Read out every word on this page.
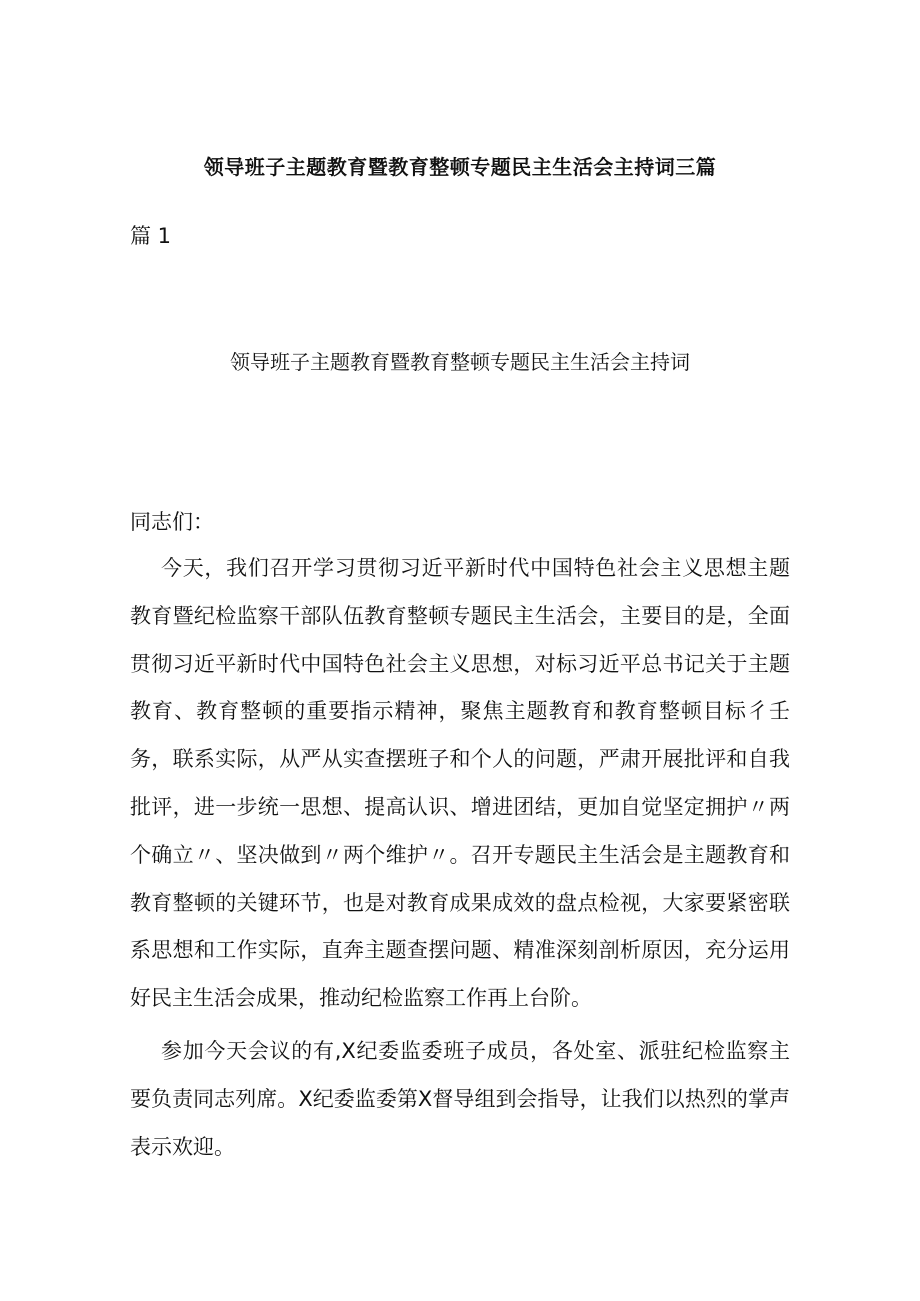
领导班子主题教育暨教育整顿专题民主生活会主持词三篇
篇 1
领导班子主题教育暨教育整顿专题民主生活会主持词
同志们：

今天，我们召开学习贯彻习近平新时代中国特色社会主义思想主题教育暨纪检监察干部队伍教育整顿专题民主生活会，主要目的是，全面贯彻习近平新时代中国特色社会主义思想，对标习近平总书记关于主题教育、教育整顿的重要指示精神，聚焦主题教育和教育整顿目标彳壬务，联系实际，从严从实查摆班子和个人的问题，严肃开展批评和自我批评，进一步统一思想、提高认识、增进团结，更加自觉坚定拥护〃两个确立〃、坚决做到〃两个维护〃。召开专题民主生活会是主题教育和教育整顿的关键环节，也是对教育成果成效的盘点检视，大家要紧密联系思想和工作实际，直奔主题查摆问题、精准深刻剖析原因，充分运用好民主生活会成果，推动纪检监察工作再上台阶。

参加今天会议的有,X纪委监委班子成员，各处室、派驻纪检监察主要负责同志列席。X纪委监委第X督导组到会指导，让我们以热烈的掌声表示欢迎。
